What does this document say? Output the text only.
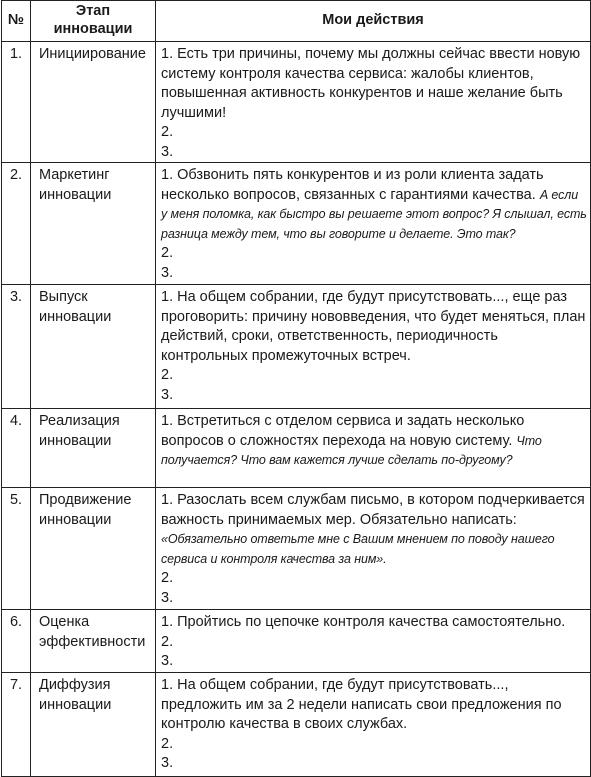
№	Этап инновации	Мои действия
1.	Инициирование	1. Есть три причины, почему мы должны сейчас ввести новую систему контроля качества сервиса: жалобы клиентов, повышенная активность конкурентов и наше желание быть лучшими!
2.
3.

2.	Маркетинг инновации	1. Обзвонить пять конкурентов и из роли клиента задать несколько вопросов, связанных с гарантиями качества. А если у меня поломка, как быстро вы решаете этот вопрос? Я слышал, есть разница между тем, что вы говорите и делаете. Это так?
2.
3.

3.	Выпуск инновации	1. На общем собрании, где будут присутствовать..., еще раз проговорить: причину нововведения, что будет меняться, план действий, сроки, ответственность, периодичность контрольных промежуточных встреч.
2.
3.

4.	Реализация инновации	1. Встретиться с отделом сервиса и задать несколько вопросов о сложностях перехода на новую систему. Что получается? Что вам кажется лучше сделать по-другому?
5.	Продвижение инновации	1. Разослать всем службам письмо, в котором подчеркивается важность принимаемых мер. Обязательно написать:
«Обязательно ответьте мне с Вашим мнением по поводу нашего сервиса и контроля качества за ним».
2.
3.

6.	Оценка эффективности	1. Пройтись по цепочке контроля качества самостоятельно.
2.
3.

7.	Диффузия инновации	1. На общем собрании, где будут присутствовать..., предложить им за 2 недели написать свои предложения по контролю качества в своих службах.
2.
3.
